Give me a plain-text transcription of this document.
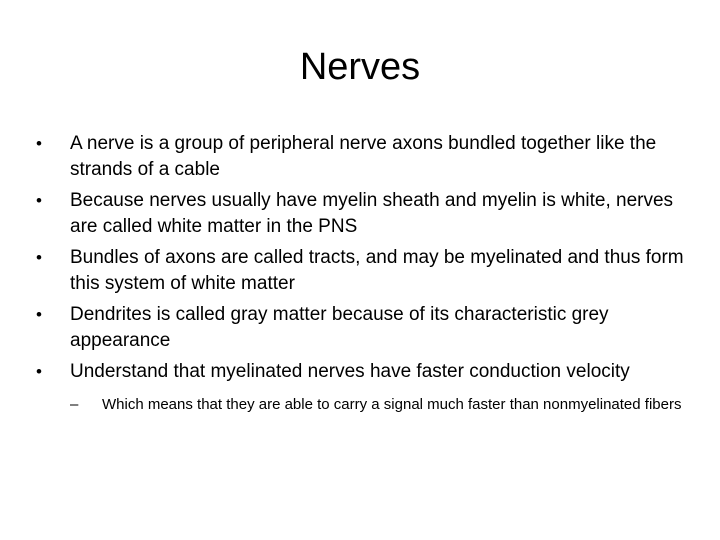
Nerves
•	A nerve is a group of peripheral nerve axons bundled together like the strands of a cable
•	Because nerves usually have myelin sheath and myelin is white, nerves are called white matter in the PNS
•	Bundles of axons are called tracts, and may be myelinated and thus form this system of white matter
•	Dendrites is called gray matter because of its characteristic grey appearance
•	Understand that myelinated nerves have faster conduction velocity
–	Which means that they are able to carry a signal much faster than nonmyelinated fibers
